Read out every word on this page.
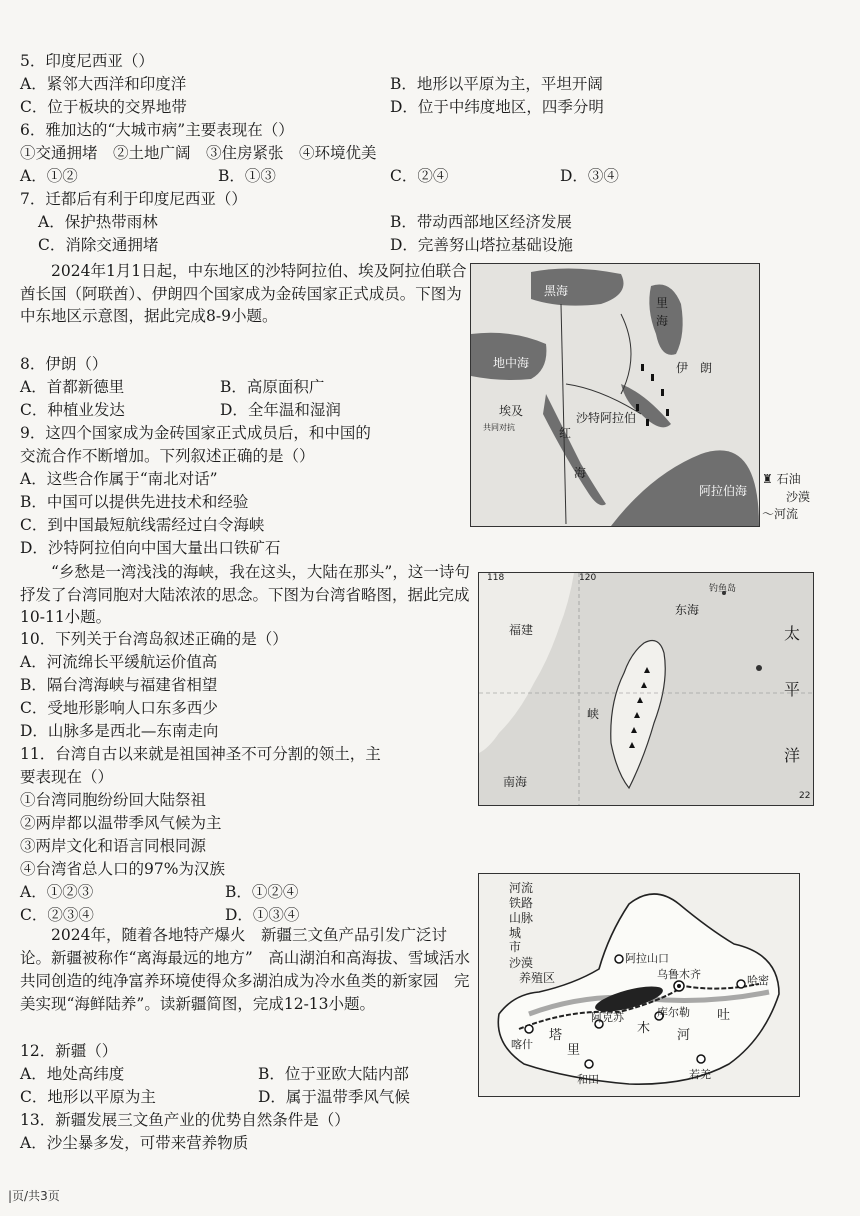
5．印度尼西亚（）
A．紧邻大西洋和印度洋	B．地形以平原为主，平坦开阔
C．位于板块的交界地带	D．位于中纬度地区，四季分明
6．雅加达的“大城市病”主要表现在（）
①交通拥堵　②土地广阔　③住房紧张　④环境优美
A．①②	B．①③	C．②④	D．③④
7．迁都后有利于印度尼西亚（）
A．保护热带雨林	B．带动西部地区经济发展
C．消除交通拥堵	D．完善努山塔拉基础设施
2024年1月1日起，中东地区的沙特阿拉伯、埃及阿拉伯联合酋长国（阿联酋）、伊朗四个国家成为金砖国家正式成员。下图为中东地区示意图，据此完成8-9小题。
8．伊朗（）
A．首都新德里	B．高原面积广
C．种植业发达	D．全年温和湿润
9．这四个国家成为金砖国家正式成员后，和中国的
交流合作不断增加。下列叙述正确的是（）
A．这些合作属于“南北对话”
B．中国可以提供先进技术和经验
C．到中国最短航线需经过白令海峡
D．沙特阿拉伯向中国大量出口铁矿石
黑海
里
海
地中海	伊　朗
埃及
共同对抗
沙特阿拉伯
红
海
阿拉伯海
♜ 石油
沙漠
〜河流
“乡愁是一湾浅浅的海峡，我在这头，大陆在那头”，这一诗句抒发了台湾同胞对大陆浓浓的思念。下图为台湾省略图，据此完成10-11小题。
10．下列关于台湾岛叙述正确的是（）
A．河流绵长平缓航运价值高
B．隔台湾海峡与福建省相望
C．受地形影响人口东多西少
D．山脉多是西北—东南走向
11．台湾自古以来就是祖国神圣不可分割的领土，主
要表现在（）
①台湾同胞纷纷回大陆祭祖
②两岸都以温带季风气候为主
③两岸文化和语言同根同源
④台湾省总人口的97%为汉族
A．①②③	B．①②④
C．②③④	D．①③④
118	120
福建
东海
钓鱼岛
太
平
洋
峡
南海
22
2024年，随着各地特产爆火　新疆三文鱼产品引发广泛讨论。新疆被称作“离海最远的地方”　高山湖泊和高海拔、雪域活水共同创造的纯净富养环境使得众多湖泊成为冷水鱼类的新家园　完美实现“海鲜陆养”。读新疆简图，完成12-13小题。
12．新疆（）
A．地处高纬度	B．位于亚欧大陆内部
C．地形以平原为主	D．属于温带季风气候
13．新疆发展三文鱼产业的优势自然条件是（）
A．沙尘暴多发，可带来营养物质
河流
铁路
山脉
城
市
沙漠
养殖区
阿拉山口
乌鲁木齐	哈密
喀什
和田	若羌
阿克苏	库尔勒
塔
里
木 河
吐
|页/共3页
